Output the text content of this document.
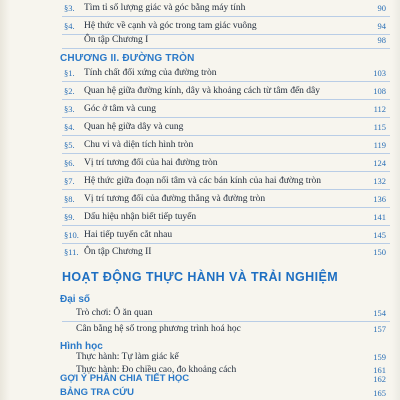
§3. Tìm tỉ số lượng giác và góc bằng máy tính	90
§4. Hệ thức về cạnh và góc trong tam giác vuông	94
Ôn tập Chương I	98
CHƯƠNG II. ĐƯỜNG TRÒN
§1. Tính chất đối xứng của đường tròn	103
§2. Quan hệ giữa đường kính, dây và khoảng cách từ tâm đến dây	108
§3. Góc ở tâm và cung	112
§4. Quan hệ giữa dây và cung	115
§5. Chu vi và diện tích hình tròn	119
§6. Vị trí tương đối của hai đường tròn	124
§7. Hệ thức giữa đoạn nối tâm và các bán kính của hai đường tròn	132
§8. Vị trí tương đối của đường thẳng và đường tròn	136
§9. Dấu hiệu nhận biết tiếp tuyến	141
§10. Hai tiếp tuyến cắt nhau	145
§11. Ôn tập Chương II	150
HOẠT ĐỘNG THỰC HÀNH VÀ TRẢI NGHIỆM
Đại số
Trò chơi: Ô ăn quan	154
Cân bằng hệ số trong phương trình hoá học	157
Hình học
Thực hành: Tự làm giác kế	159
Thực hành: Đo chiều cao, đo khoảng cách	161
GỢI Ý PHÂN CHIA TIẾT HỌC	162
BẢNG TRA CỨU	165
